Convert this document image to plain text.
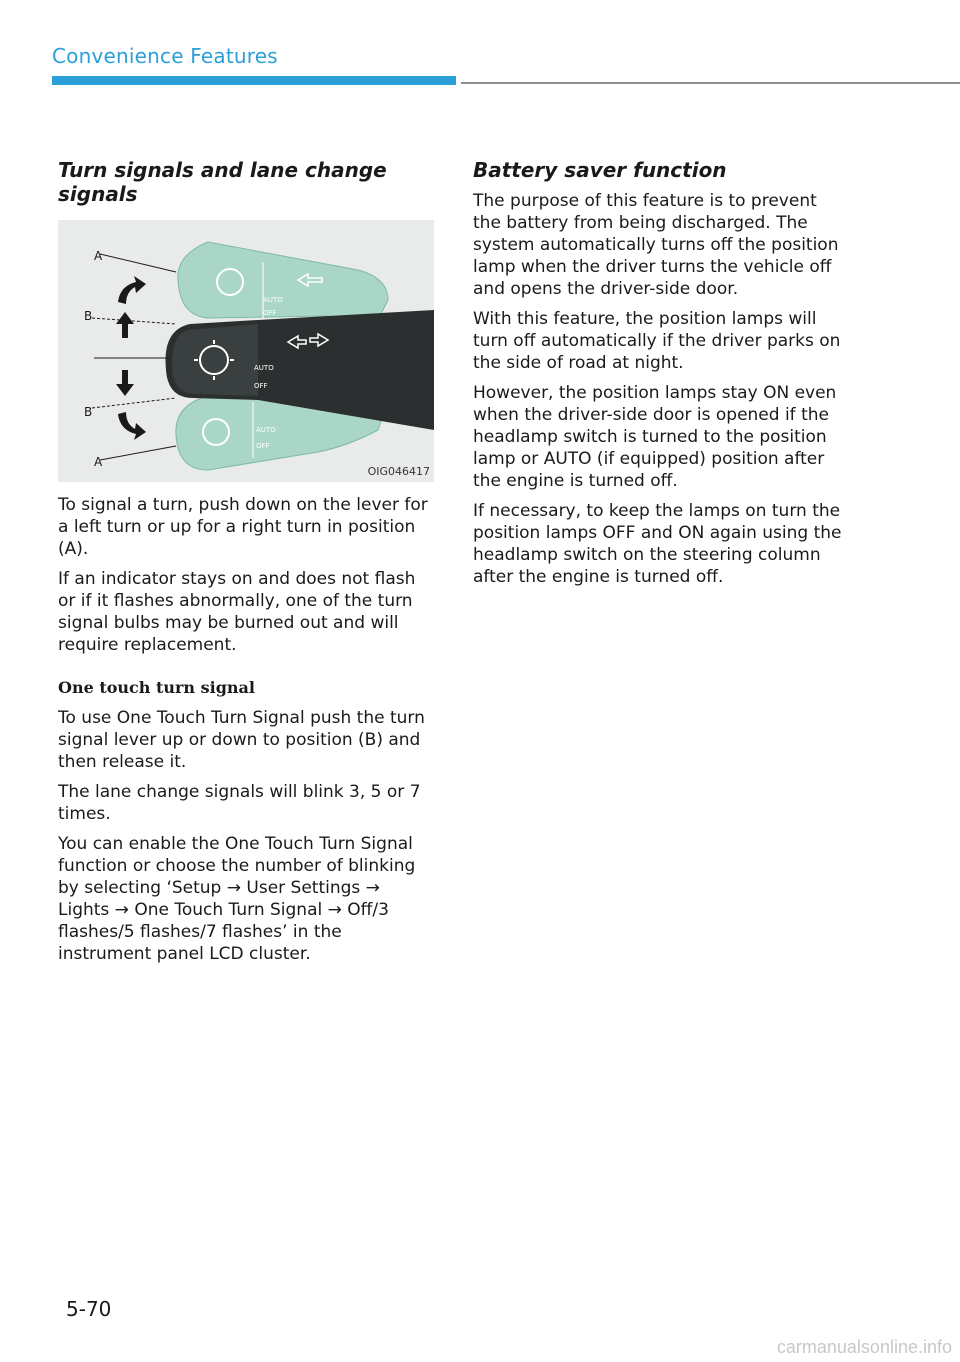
Convenience Features
Turn signals and lane change signals
AUTO
OFF
AUTO
OFF
AUTO
OFF
A
B
B
A
OIG046417

To signal a turn, push down on the lever for a left turn or up for a right turn in position (A).

If an indicator stays on and does not flash or if it flashes abnormally, one of the turn signal bulbs may be burned out and will require replacement.

One touch turn signal

To use One Touch Turn Signal push the turn signal lever up or down to position (B) and then release it.

The lane change signals will blink 3, 5 or 7 times.

You can enable the One Touch Turn Signal function or choose the number of blinking by selecting ‘Setup → User Settings → Lights → One Touch Turn Signal → Off/3 flashes/5 flashes/7 flashes’ in the instrument panel LCD cluster.

Battery saver function

The purpose of this feature is to prevent the battery from being discharged. The system automatically turns off the position lamp when the driver turns the vehicle off and opens the driver-side door.

With this feature, the position lamps will turn off automatically if the driver parks on the side of road at night.

However, the position lamps stay ON even when the driver-side door is opened if the headlamp switch is turned to the position lamp or AUTO (if equipped) position after the engine is turned off.

If necessary, to keep the lamps on turn the position lamps OFF and ON again using the headlamp switch on the steering column after the engine is turned off.

5-70
carmanualsonline.info
